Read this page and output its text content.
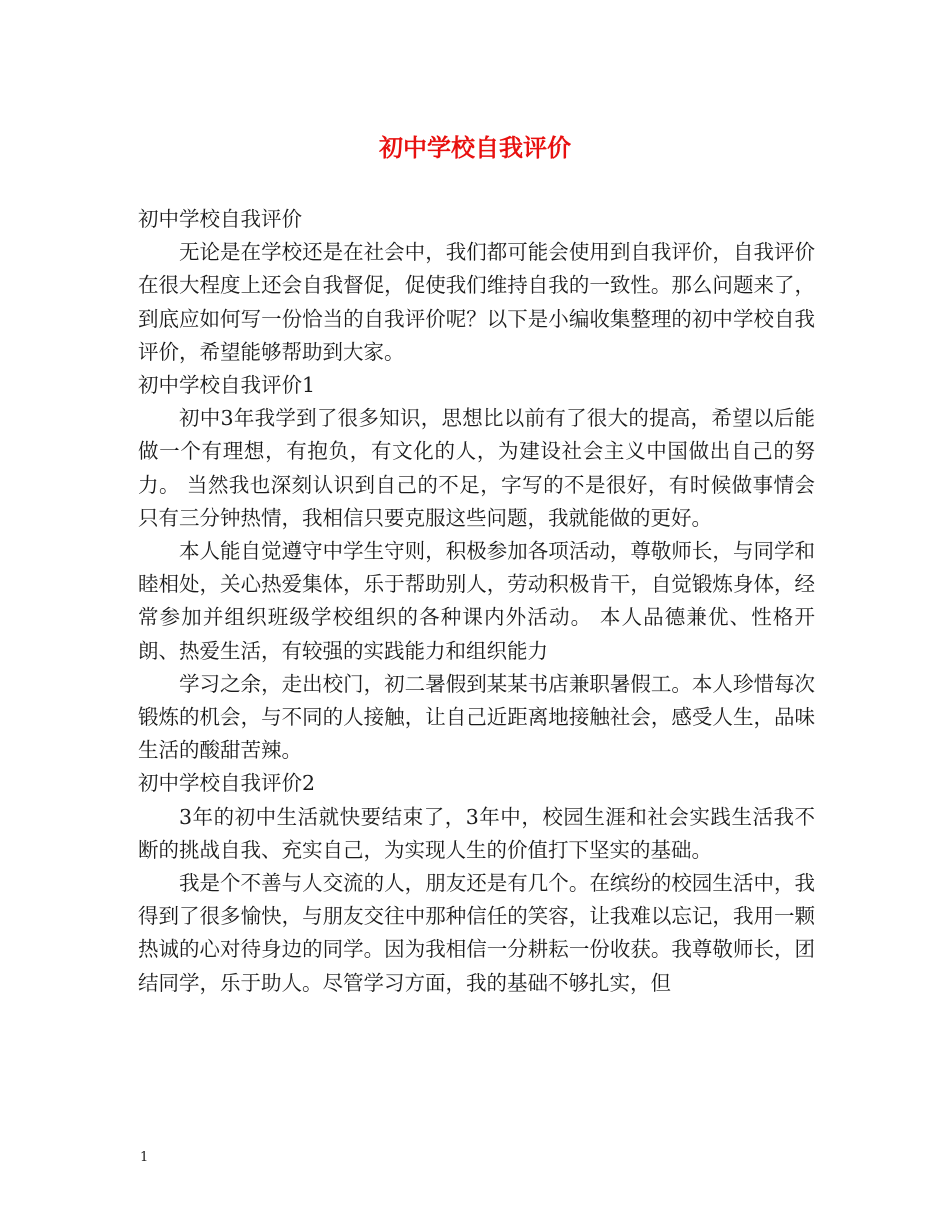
初中学校自我评价

初中学校自我评价

无论是在学校还是在社会中，我们都可能会使用到自我评价，自我评价在很大程度上还会自我督促，促使我们维持自我的一致性。那么问题来了，到底应如何写一份恰当的自我评价呢？以下是小编收集整理的初中学校自我评价，希望能够帮助到大家。

初中学校自我评价1

初中3年我学到了很多知识，思想比以前有了很大的提高，希望以后能做一个有理想，有抱负，有文化的人，为建设社会主义中国做出自己的努力。 当然我也深刻认识到自己的不足，字写的不是很好，有时候做事情会只有三分钟热情，我相信只要克服这些问题，我就能做的更好。

本人能自觉遵守中学生守则，积极参加各项活动，尊敬师长，与同学和睦相处，关心热爱集体，乐于帮助别人，劳动积极肯干，自觉锻炼身体，经常参加并组织班级学校组织的各种课内外活动。 本人品德兼优、性格开朗、热爱生活，有较强的实践能力和组织能力

学习之余，走出校门，初二暑假到某某书店兼职暑假工。本人珍惜每次锻炼的机会，与不同的人接触，让自己近距离地接触社会，感受人生，品味生活的酸甜苦辣。

初中学校自我评价2

3年的初中生活就快要结束了，3年中，校园生涯和社会实践生活我不断的挑战自我、充实自己，为实现人生的价值打下坚实的基础。

我是个不善与人交流的人，朋友还是有几个。在缤纷的校园生活中，我得到了很多愉快，与朋友交往中那种信任的笑容，让我难以忘记，我用一颗热诚的心对待身边的同学。因为我相信一分耕耘一份收获。我尊敬师长，团结同学，乐于助人。尽管学习方面，我的基础不够扎实，但

1
